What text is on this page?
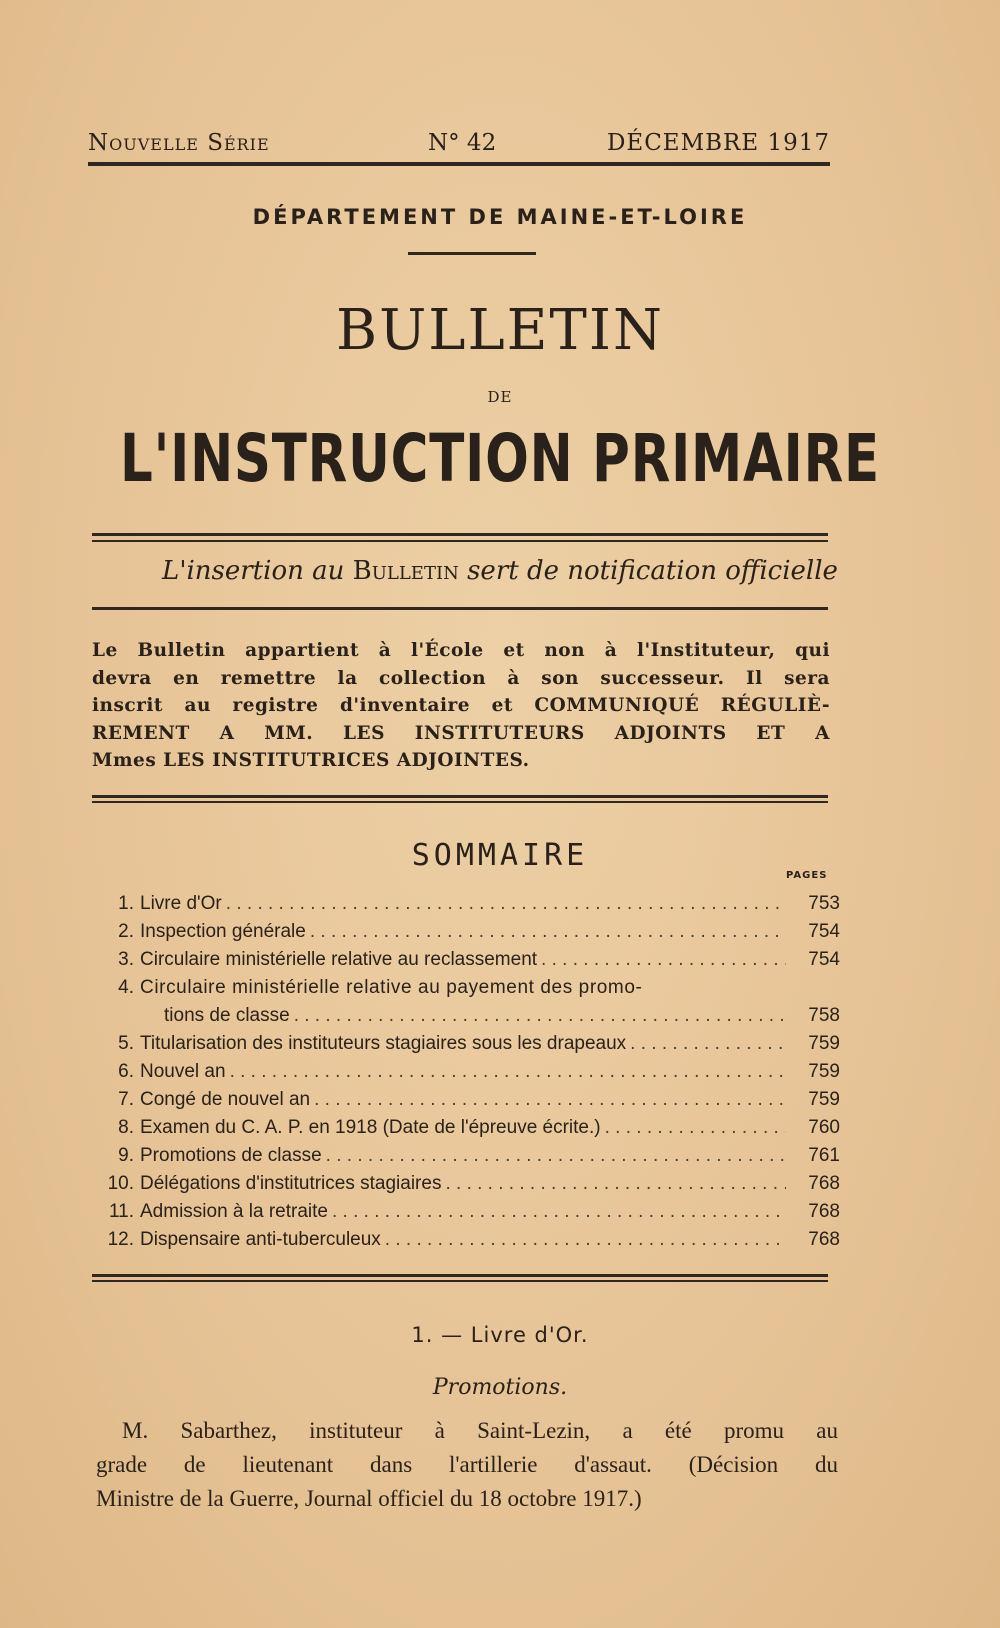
Nouvelle Série	N° 42	DÉCEMBRE 1917
DÉPARTEMENT DE MAINE-ET-LOIRE
BULLETIN
DE
L'INSTRUCTION PRIMAIRE
L'insertion au Bulletin sert de notification officielle
Le Bulletin appartient à l'École et non à l'Instituteur, qui
devra en remettre la collection à son successeur. Il sera
inscrit au registre d'inventaire et COMMUNIQUÉ RÉGULIÈ-
REMENT A MM. LES INSTITUTEURS ADJOINTS ET A
Mmes LES INSTITUTRICES ADJOINTES.
SOMMAIRE
PAGES
1. Livre d'Or . . .	753
2. Inspection générale . . .	754
3. Circulaire ministérielle relative au reclassement . . .	754
4. Circulaire ministérielle relative au payement des promo-
tions de classe . . .	758
5. Titularisation des instituteurs stagiaires sous les drapeaux . . .	759
6. Nouvel an . . .	759
7. Congé de nouvel an . . .	759
8. Examen du C. A. P. en 1918 (Date de l'épreuve écrite.) . . .	760
9. Promotions de classe . . .	761
10. Délégations d'institutrices stagiaires . . .	768
11. Admission à la retraite . . .	768
12. Dispensaire anti-tuberculeux . . .	768
1. — Livre d'Or.
Promotions.
M. Sabarthez, instituteur à Saint-Lezin, a été promu au
grade de lieutenant dans l'artillerie d'assaut. (Décision du
Ministre de la Guerre, Journal officiel du 18 octobre 1917.)
